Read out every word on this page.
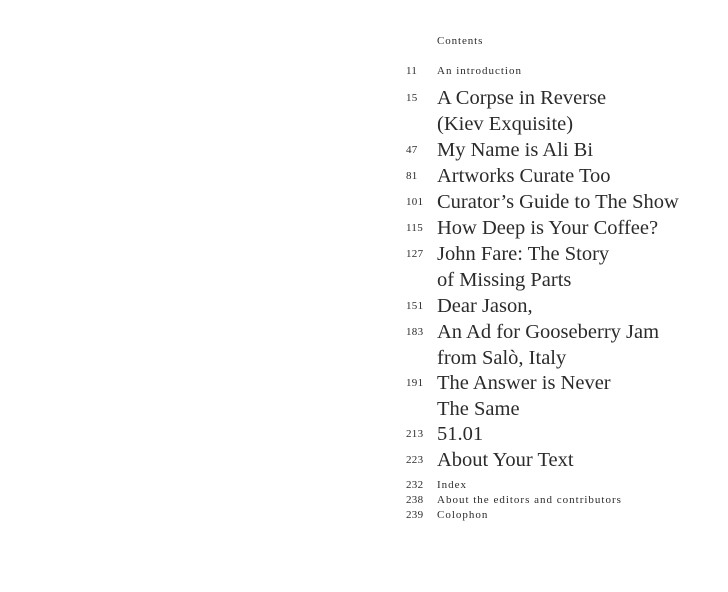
Contents
11 An introduction
15 A Corpse in Reverse
(Kiev Exquisite)
47 My Name is Ali Bi
81 Artworks Curate Too
101 Curator’s Guide to The Show
115 How Deep is Your Coffee?
127 John Fare: The Story
of Missing Parts
151 Dear Jason,
183 An Ad for Gooseberry Jam
from Salò, Italy
191 The Answer is Never
The Same
213 51.01
223 About Your Text
232 Index
238 About the editors and contributors
239 Colophon
